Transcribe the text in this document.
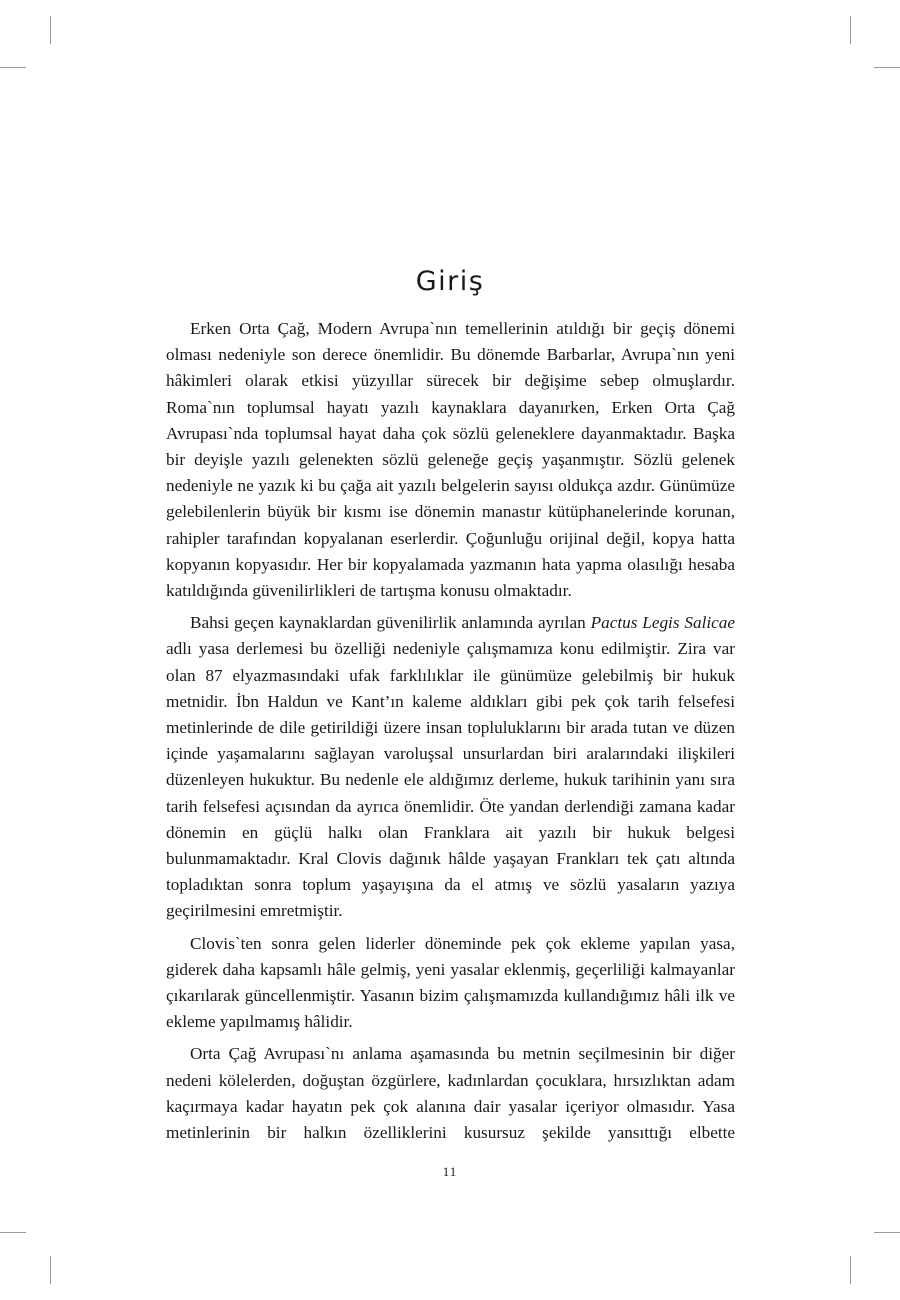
Giriş

Erken Orta Çağ, Modern Avrupa`nın temellerinin atıldığı bir geçiş dönemi olması nedeniyle son derece önemlidir. Bu dönemde Barbarlar, Avrupa`nın yeni hâkimleri olarak etkisi yüzyıllar sürecek bir değişime sebep olmuşlardır. Roma`nın toplumsal hayatı yazılı kaynaklara dayanırken, Erken Orta Çağ Avrupası`nda toplumsal hayat daha çok sözlü geleneklere dayanmaktadır. Başka bir deyişle yazılı gelenekten sözlü geleneğe geçiş yaşanmıştır. Sözlü gelenek nedeniyle ne yazık ki bu çağa ait yazılı belgelerin sayısı oldukça azdır. Günümüze gelebilenlerin büyük bir kısmı ise dönemin manastır kütüphanelerinde korunan, rahipler tarafından kopyalanan eserlerdir. Çoğunluğu orijinal değil, kopya hatta kopyanın kopyasıdır. Her bir kopyalamada yazmanın hata yapma olasılığı hesaba katıldığında güvenilirlikleri de tartışma konusu olmaktadır.

Bahsi geçen kaynaklardan güvenilirlik anlamında ayrılan Pactus Legis Salicae adlı yasa derlemesi bu özelliği nedeniyle çalışmamıza konu edilmiştir. Zira var olan 87 elyazmasındaki ufak farklılıklar ile günümüze gelebilmiş bir hukuk metnidir. İbn Haldun ve Kant’ın kaleme aldıkları gibi pek çok tarih felsefesi metinlerinde de dile getirildiği üzere insan topluluklarını bir arada tutan ve düzen içinde yaşamalarını sağlayan varoluşsal unsurlardan biri aralarındaki ilişkileri düzenleyen hukuktur. Bu nedenle ele aldığımız derleme, hukuk tarihinin yanı sıra tarih felsefesi açısından da ayrıca önemlidir. Öte yandan derlendiği zamana kadar dönemin en güçlü halkı olan Franklara ait yazılı bir hukuk belgesi bulunmamaktadır. Kral Clovis dağınık hâlde yaşayan Frankları tek çatı altında topladıktan sonra toplum yaşayışına da el atmış ve sözlü yasaların yazıya geçirilmesini emretmiştir.

Clovis`ten sonra gelen liderler döneminde pek çok ekleme yapılan yasa, giderek daha kapsamlı hâle gelmiş, yeni yasalar eklenmiş, geçerliliği kalmayanlar çıkarılarak güncellenmiştir. Yasanın bizim çalışmamızda kullandığımız hâli ilk ve ekleme yapılmamış hâlidir.

Orta Çağ Avrupası`nı anlama aşamasında bu metnin seçilmesinin bir diğer nedeni kölelerden, doğuştan özgürlere, kadınlardan çocuklara, hırsızlıktan adam kaçırmaya kadar hayatın pek çok alanına dair yasalar içeriyor olmasıdır. Yasa metinlerinin bir halkın özelliklerini kusursuz şekilde yansıttığı elbette

11
